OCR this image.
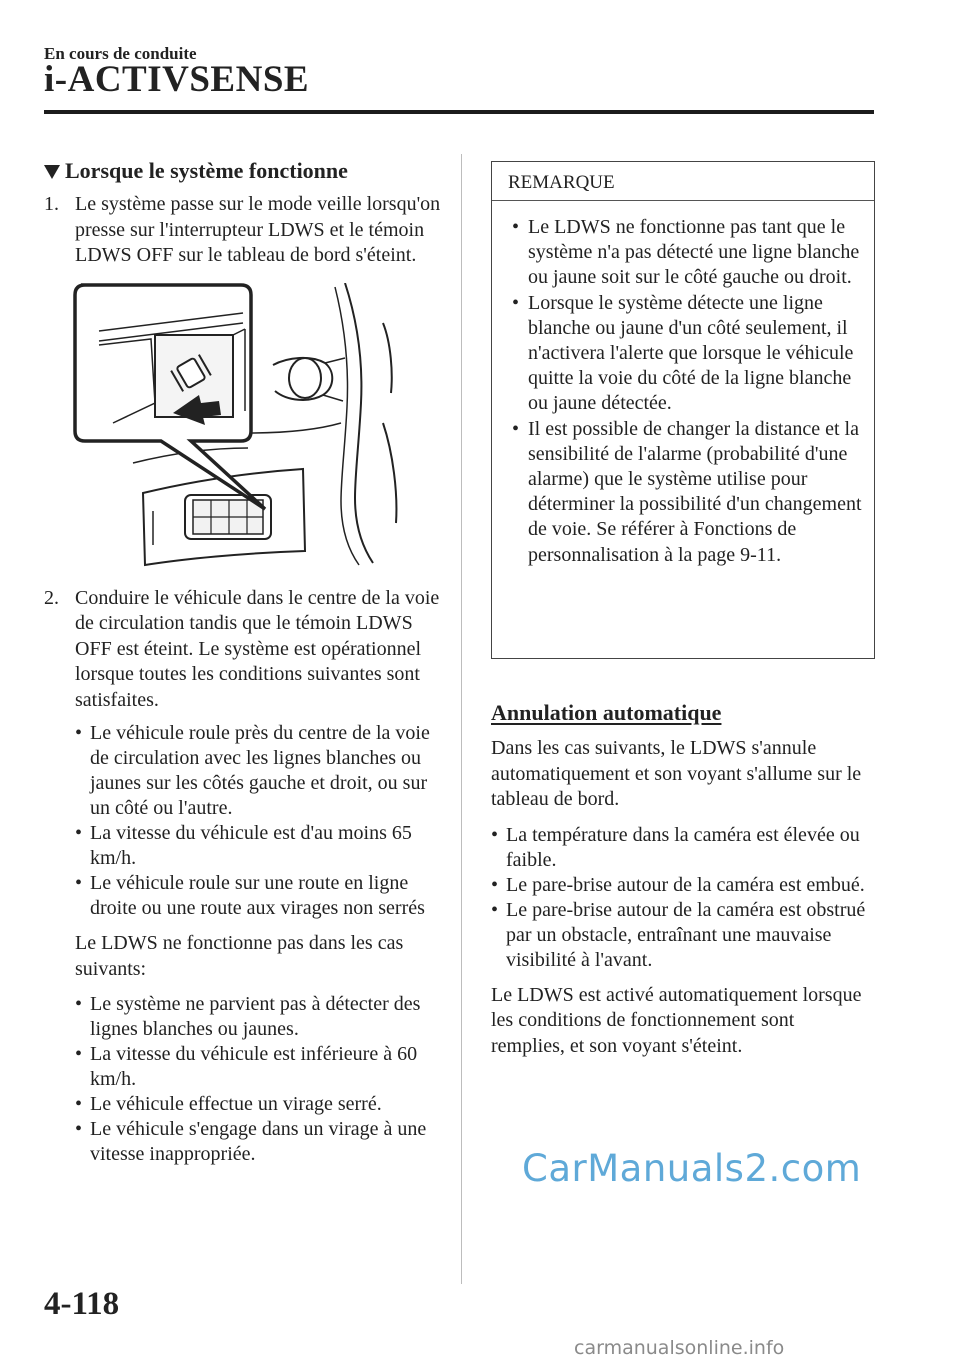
En cours de conduite
i-ACTIVSENSE
Lorsque le système fonctionne
1. Le système passe sur le mode veille lorsqu'on presse sur l'interrupteur LDWS et le témoin LDWS OFF sur le tableau de bord s'éteint.
2. Conduire le véhicule dans le centre de la voie de circulation tandis que le témoin LDWS OFF est éteint. Le système est opérationnel lorsque toutes les conditions suivantes sont satisfaites.
• Le véhicule roule près du centre de la voie de circulation avec les lignes blanches ou jaunes sur les côtés gauche et droit, ou sur un côté ou l'autre.
• La vitesse du véhicule est d'au moins 65 km/h.
• Le véhicule roule sur une route en ligne droite ou une route aux virages non serrés

Le LDWS ne fonctionne pas dans les cas suivants:

• Le système ne parvient pas à détecter des lignes blanches ou jaunes.
• La vitesse du véhicule est inférieure à 60 km/h.
• Le véhicule effectue un virage serré.
• Le véhicule s'engage dans un virage à une vitesse inappropriée.
REMARQUE
• Le LDWS ne fonctionne pas tant que le système n'a pas détecté une ligne blanche ou jaune soit sur le côté gauche ou droit.
• Lorsque le système détecte une ligne blanche ou jaune d'un côté seulement, il n'activera l'alerte que lorsque le véhicule quitte la voie du côté de la ligne blanche ou jaune détectée.
• Il est possible de changer la distance et la sensibilité de l'alarme (probabilité d'une alarme) que le système utilise pour déterminer la possibilité d'un changement de voie. Se référer à Fonctions de personnalisation à la page 9-11.
Annulation automatique

Dans les cas suivants, le LDWS s'annule automatiquement et son voyant s'allume sur le tableau de bord.

• La température dans la caméra est élevée ou faible.
• Le pare-brise autour de la caméra est embué.
• Le pare-brise autour de la caméra est obstrué par un obstacle, entraînant une mauvaise visibilité à l'avant.

Le LDWS est activé automatiquement lorsque les conditions de fonctionnement sont remplies, et son voyant s'éteint.

CarManuals2.com
4-118
carmanualsonline.info
